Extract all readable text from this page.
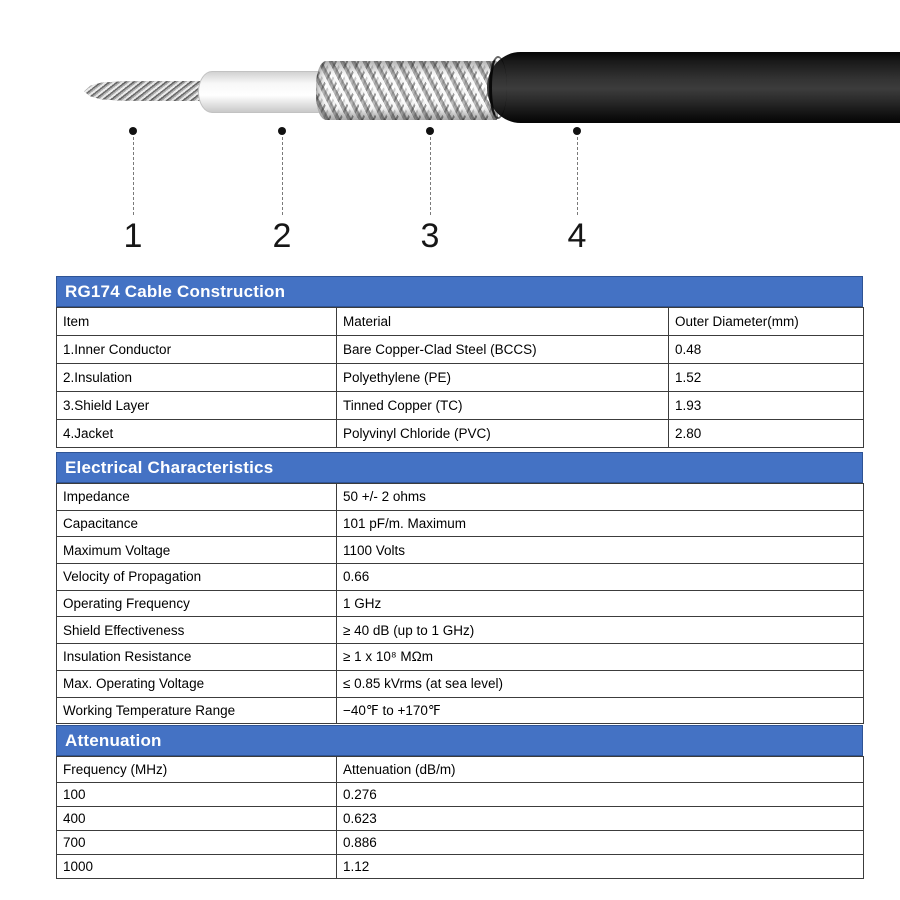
1	2	3	4
RG174 Cable Construction
Item	Material	Outer Diameter(mm)
1.Inner Conductor	Bare Copper-Clad Steel (BCCS)	0.48
2.Insulation	Polyethylene (PE)	1.52
3.Shield Layer	Tinned Copper (TC)	1.93
4.Jacket	Polyvinyl Chloride (PVC)	2.80
Electrical Characteristics
Impedance	50 +/- 2 ohms
Capacitance	101 pF/m. Maximum
Maximum Voltage	1100 Volts
Velocity of Propagation	0.66
Operating Frequency	1 GHz
Shield Effectiveness	≥ 40 dB (up to 1 GHz)
Insulation Resistance	≥ 1 x 10⁸ MΩm
Max. Operating Voltage	≤ 0.85 kVrms (at sea level)
Working Temperature Range	−40℉ to +170℉
Attenuation
Frequency (MHz)	Attenuation (dB/m)
100	0.276
400	0.623
700	0.886
1000	1.12
